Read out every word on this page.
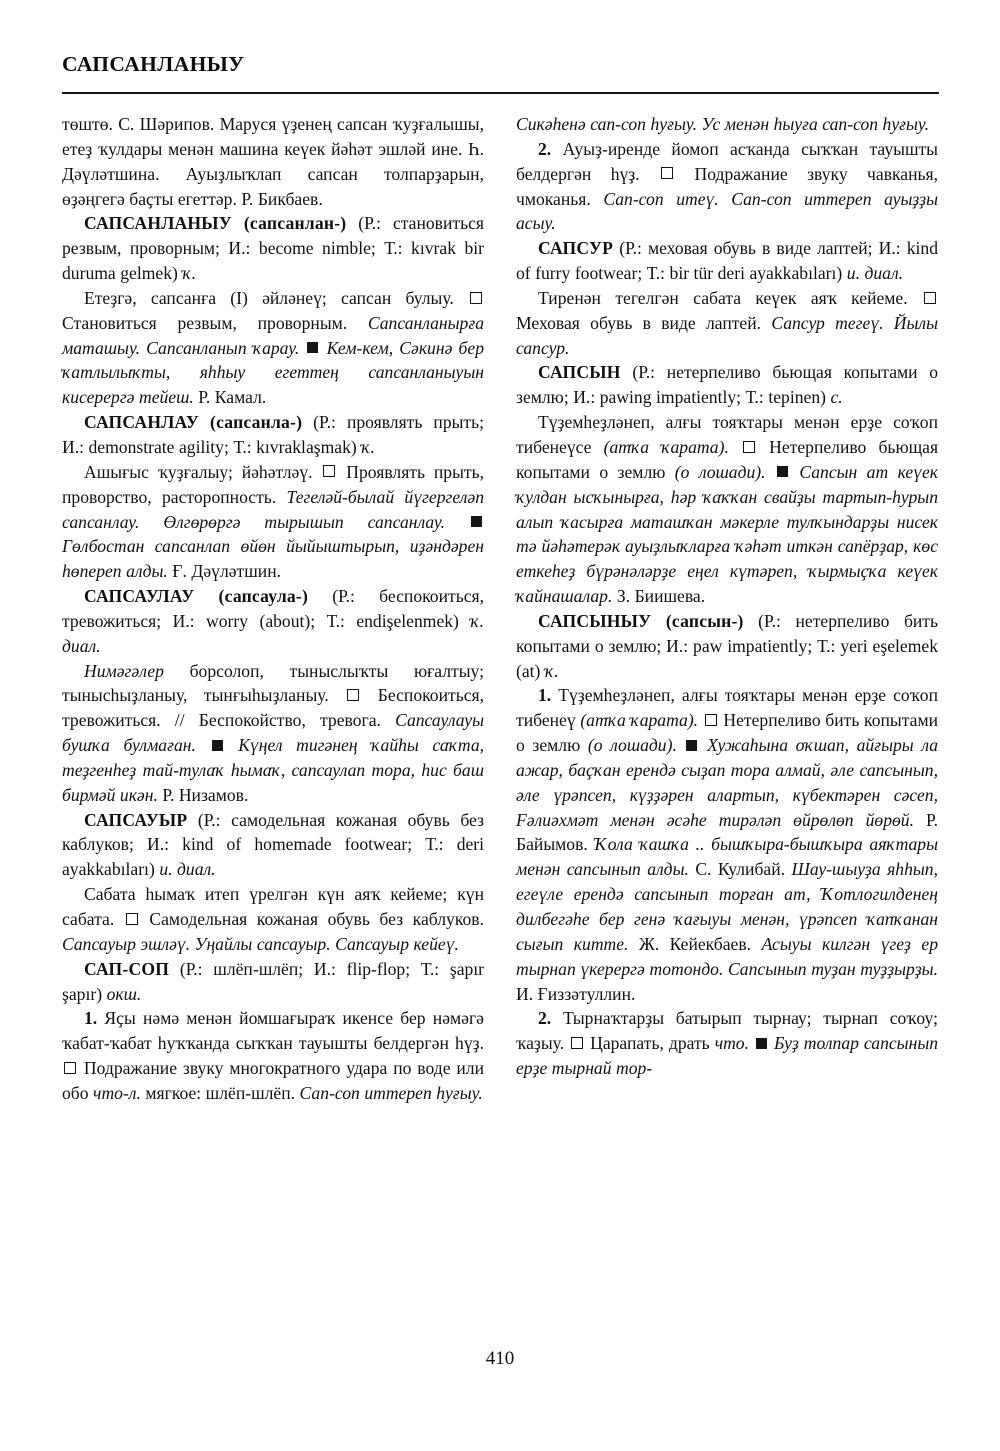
САПСАНЛАНЫУ

төштө. С. Шәрипов. Маруся үҙенең сапсан ҡуҙғалышы, етеҙ ҡулдары менән машина кеүек йәһәт эшләй ине. Һ. Дәүләтшина. Ауыҙлыҡлап сапсан толпарҙарын, өҙәңгегә баҫты егеттәр. Р. Бикбаев.

САПСАНЛАНЫУ (сапсанлан-) (Р.: становиться резвым, проворным; И.: become nimble; Т.: kıvrak bir duruma gelmek) ҡ.

Етеҙгә, сапсанға (I) әйләнеү; сапсан булыу.  Становиться резвым, проворным. Сапсанланырға маташыу. Сапсанланып ҡарау. Кем-кем, Сәкинә бер ҡатлылыҡты, яһһыу егеттең сапсанланыуын кисерергә тейеш. Р. Камал.

САПСАНЛАУ (сапсанла-) (Р.: проявлять прыть; И.: demonstrate agility; Т.: kıvraklaşmak) ҡ.

Ашығыс ҡуҙғалыу; йәһәтләү. Проявлять прыть, проворство, расторопность. Тегеләй-былай йүгергеләп сапсанлау. Өлгөрөргә тырышып сапсанлау.  Гөлбостан сапсанлап өйөн йыйыштырып, иҙәндәрен һөпереп алды. Ғ. Дәүләтшин.

САПСАУЛАУ (сапсаула-) (Р.: беспокоиться, тревожиться; И.: worry (about); Т.: endişelenmek) ҡ. диал.

Нимәгәлер борсолоп, тыныслыҡты юғалтыу; тынысһыҙланыу, тынғыһыҙланыу.	Беспокоиться, тревожиться. // Беспокойство, тревога. Сапсаулауы бушҡа булмаған. Күңел тигәнең ҡайһы саҡта, теҙгенһеҙ тай-тулаҡ һымаҡ, сапсаулап тора, һис баш бирмәй икән. Р. Низамов.

САПСАУЫР (Р.: самодельная кожаная обувь без каблуков; И.: kind of homemade footwear; Т.: deri ayakkabıları) и. диал.

Сабата һымаҡ итеп үрелгән күн аяҡ кейеме; күн сабата. Самодельная кожаная обувь без каблуков. Сапсауыр эшләү. Уңайлы сапсауыр. Сапсауыр кейеү.

САП-СОП (Р.: шлёп-шлёп; И.: flip-flop; Т.: şapır şapır) окш.

1. Яҫы нәмә менән йомшағыраҡ икенсе бер нәмәгә ҡабат-ҡабат һуҡҡанда сыҡҡан тауышты белдергән һүҙ.  Подражание звуку многократного удара по воде или обо что-л. мягкое: шлёп-шлёп. Сап-соп иттереп һуғыу.

Сикәһенә сап-соп һуғыу. Ус менән һыуға сап-соп һуғыу.

2. Ауыҙ-иренде йомоп асҡанда сыҡҡан тауышты белдергән һүҙ.	Подражание звуку чавканья, чмоканья. Сап-соп итеү. Сап-соп иттереп ауыҙҙы асыу.

САПСУР (Р.: меховая обувь в виде лаптей; И.: kind of furry footwear; Т.: bir tür deri ayakkabıları) и. диал.

Тиренән тегелгән сабата кеүек аяҡ кейеме.  Меховая обувь в виде лаптей. Сапсур тегеү. Йылы сапсур.

САПСЫН (Р.: нетерпеливо бьющая копытами о землю; И.: pawing impatiently; Т.: tepinen) с.

Түҙемһеҙләнеп, алғы тояҡтары менән ерҙе соҡоп тибенеүсе (атҡа ҡарата). Нетерпеливо бьющая копытами о землю (о лошади). Сапсын ат кеүек ҡулдан ысҡынырға, һәр ҡаҡҡан свайҙы тартып-һурып алып ҡасырға маташҡан мәкерле тулҡындарҙы нисек тә йәһәтерәк ауыҙлыҡларға ҡәһәт иткән сапёрҙар, көс еткеһеҙ бүрәнәләрҙе еңел күтәреп, ҡырмыҫҡа кеүек ҡайнашалар. З. Биишева.

САПСЫНЫУ (сапсын-) (Р.: нетерпеливо бить копытами о землю; И.: paw impatiently; Т.: yeri eşelemek (at) ҡ.

1. Түҙемһеҙләнеп, алғы тояҡтары менән ерҙе соҡоп тибенеү (атҡа ҡарата). Нетерпеливо бить копытами о землю (о лошади). Хужаһына оҡшап, айғыры ла ажар, баҫҡан ерендә сыҙап тора алмай, әле сапсынып, әле үрәпсеп, күҙҙәрен алартып, күбектәрен сәсеп, Fәлиәхмәт менән әсәһе тирәләп өйрөлөп йөрөй. Р. Байымов. Ҡола ҡашҡа .. бышҡыра-бышҡыра аяҡтары менән сапсынып алды. С. Кулибай. Шау-шыуҙа яһһып, егеүле ерендә сапсынып торған ат, Ҡотлогилденең дилбегәһе бер генә ҡағыуы менән, үрәпсеп ҡапҡанан сығып китте. Ж. Кейекбаев. Асыуы килгән үгеҙ ер тырнап үкерергә тотондо. Сапсынып туҙан туҙҙырҙы. И. Ғиззәтуллин.

2. Тырнаҡтарҙы батырып тырнау; тырнап соҡоу; ҡаҙыу. Царапать, драть что. Буҙ толпар сапсынып ерҙе тырнай тор-

410
